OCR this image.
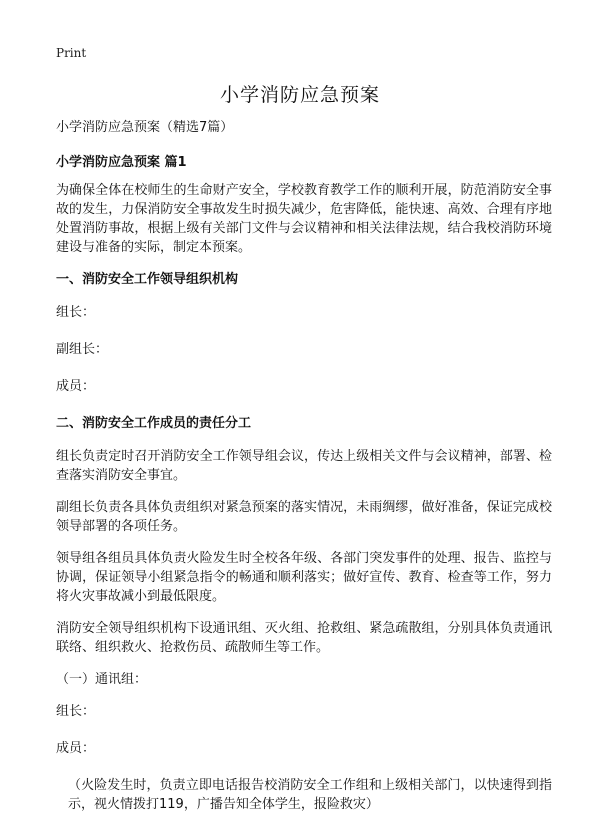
Print
小学消防应急预案

小学消防应急预案（精选7篇）

小学消防应急预案 篇1

为确保全体在校师生的生命财产安全，学校教育教学工作的顺利开展，防范消防安全事故的发生，力保消防安全事故发生时损失减少，危害降低，能快速、高效、合理有序地处置消防事故，根据上级有关部门文件与会议精神和相关法律法规，结合我校消防环境建设与准备的实际，制定本预案。

一、消防安全工作领导组织机构

组长：

副组长：

成员：

二、消防安全工作成员的责任分工

组长负责定时召开消防安全工作领导组会议，传达上级相关文件与会议精神，部署、检查落实消防安全事宜。

副组长负责各具体负责组织对紧急预案的落实情况，未雨绸缪，做好准备，保证完成校领导部署的各项任务。

领导组各组员具体负责火险发生时全校各年级、各部门突发事件的处理、报告、监控与协调，保证领导小组紧急指令的畅通和顺利落实；做好宣传、教育、检查等工作，努力将火灾事故减小到最低限度。

消防安全领导组织机构下设通讯组、灭火组、抢救组、紧急疏散组，分别具体负责通讯联络、组织救火、抢救伤员、疏散师生等工作。

（一）通讯组：

组长：

成员：

（火险发生时，负责立即电话报告校消防安全工作组和上级相关部门，以快速得到指示，视火情拨打119，广播告知全体学生，报险救灾）
